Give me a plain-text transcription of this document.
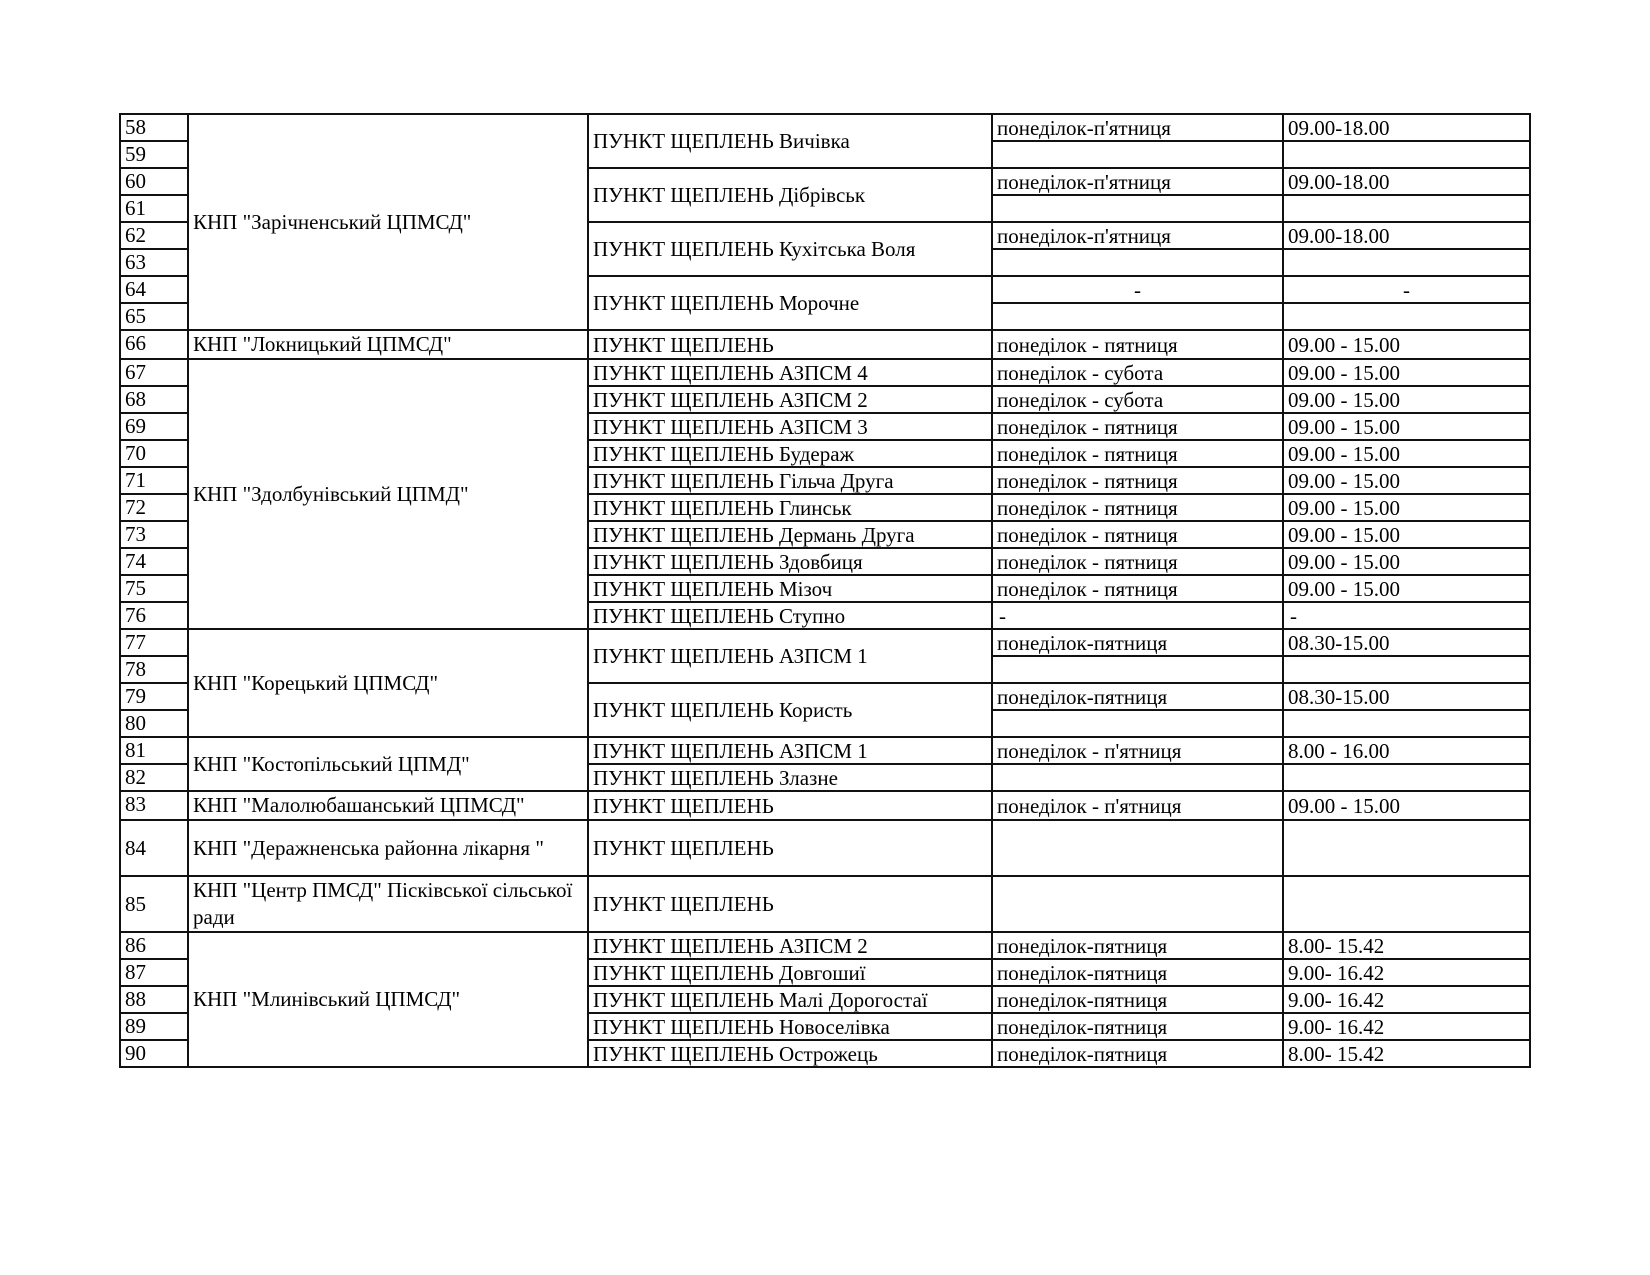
58	КНП "Зарічненський ЦПМСД"	ПУНКТ ЩЕПЛЕНЬ Вичівка	понеділок-п'ятниця	09.00-18.00
59				
60		ПУНКТ ЩЕПЛЕНЬ Дібрівськ	понеділок-п'ятниця	09.00-18.00
61				
62		ПУНКТ ЩЕПЛЕНЬ Кухітська Воля	понеділок-п'ятниця	09.00-18.00
63				
64		ПУНКТ ЩЕПЛЕНЬ Морочне	-	-
65				
66	КНП "Локницький ЦПМСД"	ПУНКТ ЩЕПЛЕНЬ	понеділок - пятниця	09.00 - 15.00
67	КНП "Здолбунівський ЦПМД"	ПУНКТ ЩЕПЛЕНЬ АЗПСМ 4	понеділок - субота	09.00 - 15.00
68		ПУНКТ ЩЕПЛЕНЬ АЗПСМ 2	понеділок - субота	09.00 - 15.00
69		ПУНКТ ЩЕПЛЕНЬ АЗПСМ 3	понеділок - пятниця	09.00 - 15.00
70		ПУНКТ ЩЕПЛЕНЬ Будераж	понеділок - пятниця	09.00 - 15.00
71		ПУНКТ ЩЕПЛЕНЬ Гільча Друга	понеділок - пятниця	09.00 - 15.00
72		ПУНКТ ЩЕПЛЕНЬ Глинськ	понеділок - пятниця	09.00 - 15.00
73		ПУНКТ ЩЕПЛЕНЬ Дермань Друга	понеділок - пятниця	09.00 - 15.00
74		ПУНКТ ЩЕПЛЕНЬ Здовбиця	понеділок - пятниця	09.00 - 15.00
75		ПУНКТ ЩЕПЛЕНЬ Мізоч	понеділок - пятниця	09.00 - 15.00
76		ПУНКТ ЩЕПЛЕНЬ Ступно	-	-
77	КНП "Корецький ЦПМСД"	ПУНКТ ЩЕПЛЕНЬ АЗПСМ 1	понеділок-пятниця	08.30-15.00
78				
79		ПУНКТ ЩЕПЛЕНЬ Користь	понеділок-пятниця	08.30-15.00
80				
81	КНП "Костопільський ЦПМД"	ПУНКТ ЩЕПЛЕНЬ АЗПСМ 1	понеділок - п'ятниця	8.00 - 16.00
82		ПУНКТ ЩЕПЛЕНЬ Злазне		
83	КНП "Малолюбашанський ЦПМСД"	ПУНКТ ЩЕПЛЕНЬ	понеділок - п'ятниця	09.00 - 15.00
84	КНП "Деражненська районна лікарня "	ПУНКТ ЩЕПЛЕНЬ		
85	КНП "Центр ПМСД" Пісківської сільської ради	ПУНКТ ЩЕПЛЕНЬ		
86	КНП "Млинівський ЦПМСД"	ПУНКТ ЩЕПЛЕНЬ АЗПСМ 2	понеділок-пятниця	8.00- 15.42
87		ПУНКТ ЩЕПЛЕНЬ Довгошиї	понеділок-пятниця	9.00- 16.42
88		ПУНКТ ЩЕПЛЕНЬ Малі Дорогостаї	понеділок-пятниця	9.00- 16.42
89		ПУНКТ ЩЕПЛЕНЬ Новоселівка	понеділок-пятниця	9.00- 16.42
90		ПУНКТ ЩЕПЛЕНЬ Острожець	понеділок-пятниця	8.00- 15.42
